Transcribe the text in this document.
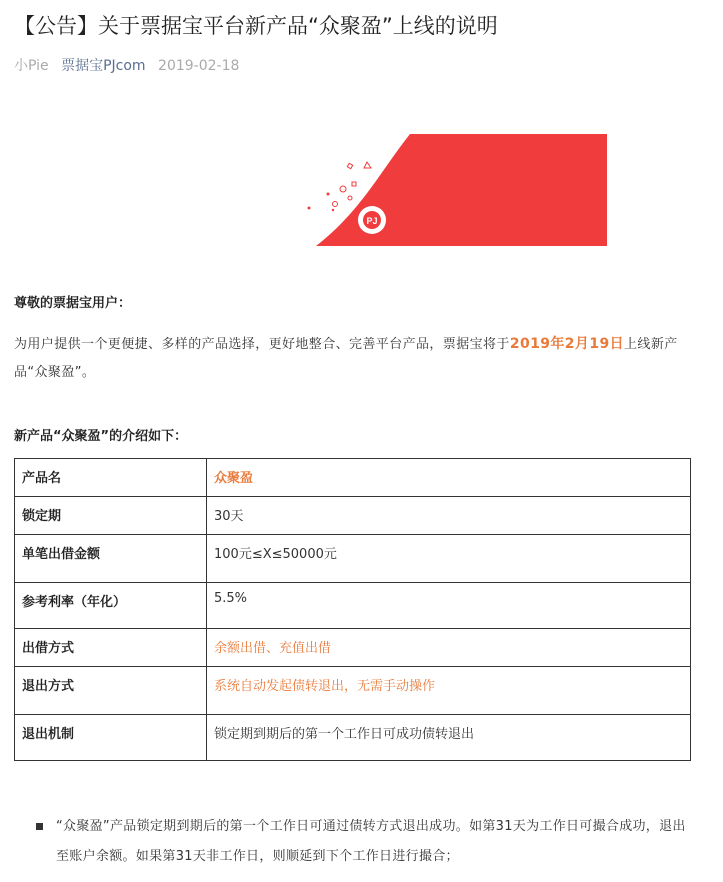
【公告】关于票据宝平台新产品“众聚盈”上线的说明
小Pie 票据宝PJcom 2019-02-18
PJ
尊敬的票据宝用户：
为用户提供一个更便捷、多样的产品选择，更好地整合、完善平台产品，票据宝将于2019年2月19日上线新产品“众聚盈”。
新产品“众聚盈”的介绍如下：
产品名	众聚盈
锁定期	30天
单笔出借金额	100元≤X≤50000元
参考利率（年化）	5.5%
出借方式	余额出借、充值出借
退出方式	系统自动发起债转退出，无需手动操作
退出机制	锁定期到期后的第一个工作日可成功债转退出
“众聚盈”产品锁定期到期后的第一个工作日可通过债转方式退出成功。如第31天为工作日可撮合成功，退出至账户余额。如果第31天非工作日，则顺延到下个工作日进行撮合；
